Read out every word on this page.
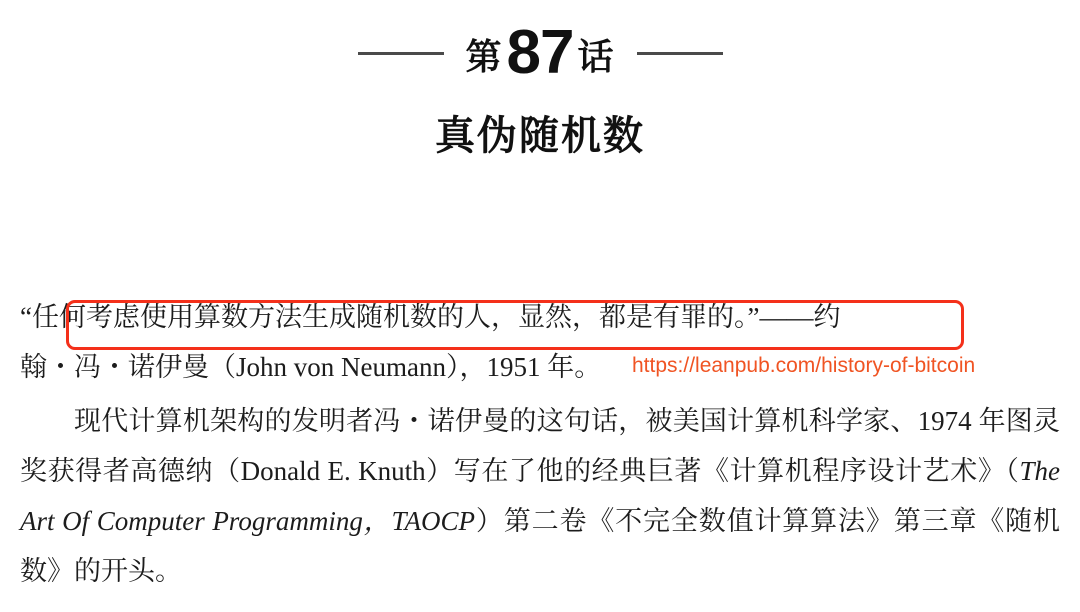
第 87 话
真伪随机数

“任何考虑使用算数方法生成随机数的人，显然，都是有罪的。”——约
翰・冯・诺伊曼（John von Neumann），1951 年。

现代计算机架构的发明者冯・诺伊曼的这句话，被美国计算机科学家、1974 年图灵奖获得者高德纳（Donald E. Knuth）写在了他的经典巨著《计算机程序设计艺术》（The Art Of Computer Programming，TAOCP）第二卷《不完全数值计算算法》第三章《随机数》的开头。

https://leanpub.com/history-of-bitcoin
